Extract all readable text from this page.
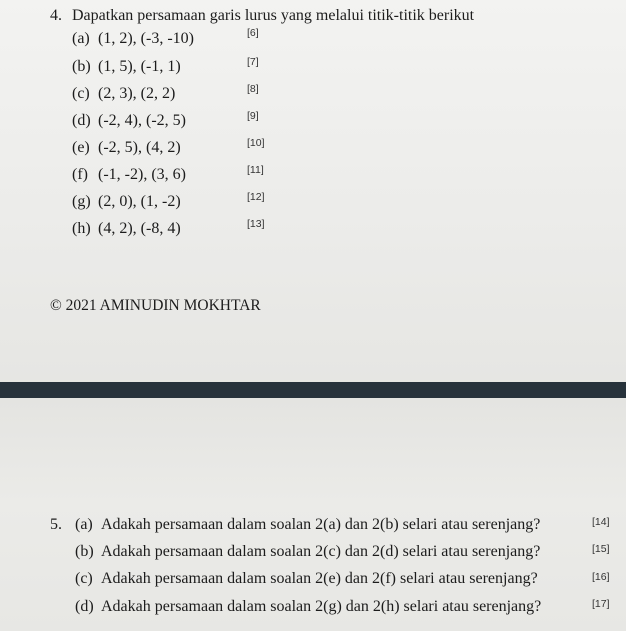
4. Dapatkan persamaan garis lurus yang melalui titik-titik berikut
(a) (1, 2), (-3, -10)	[6]
(b) (1, 5), (-1, 1)	[7]
(c) (2, 3), (2, 2)	[8]
(d) (-2, 4), (-2, 5)	[9]
(e) (-2, 5), (4, 2)	[10]
(f) (-1, -2), (3, 6)	[11]
(g) (2, 0), (1, -2)	[12]
(h) (4, 2), (-8, 4)	[13]
© 2021 AMINUDIN MOKHTAR
5. (a) Adakah persamaan dalam soalan 2(a) dan 2(b) selari atau serenjang?	[14]
(b) Adakah persamaan dalam soalan 2(c) dan 2(d) selari atau serenjang?	[15]
(c) Adakah persamaan dalam soalan 2(e) dan 2(f) selari atau serenjang?	[16]
(d) Adakah persamaan dalam soalan 2(g) dan 2(h) selari atau serenjang?	[17]
